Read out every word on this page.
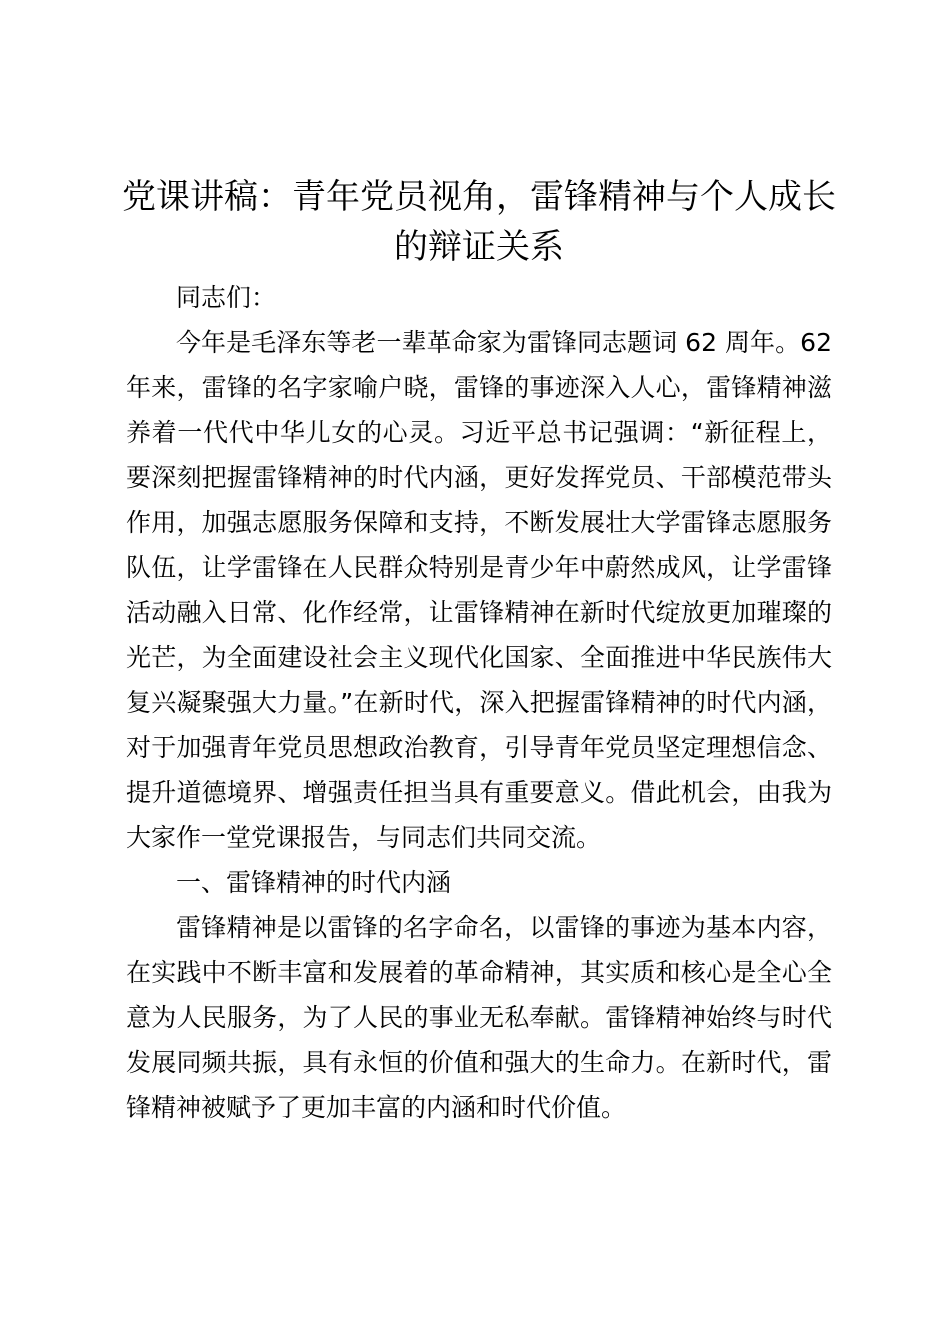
党课讲稿：青年党员视角，雷锋精神与个人成长的辩证关系

同志们：

今年是毛泽东等老一辈革命家为雷锋同志题词 62 周年。62 年来，雷锋的名字家喻户晓，雷锋的事迹深入人心，雷锋精神滋养着一代代中华儿女的心灵。习近平总书记强调：“新征程上，要深刻把握雷锋精神的时代内涵，更好发挥党员、干部模范带头作用，加强志愿服务保障和支持，不断发展壮大学雷锋志愿服务队伍，让学雷锋在人民群众特别是青少年中蔚然成风，让学雷锋活动融入日常、化作经常，让雷锋精神在新时代绽放更加璀璨的光芒，为全面建设社会主义现代化国家、全面推进中华民族伟大复兴凝聚强大力量。”在新时代，深入把握雷锋精神的时代内涵，对于加强青年党员思想政治教育，引导青年党员坚定理想信念、提升道德境界、增强责任担当具有重要意义。借此机会，由我为大家作一堂党课报告，与同志们共同交流。

一、雷锋精神的时代内涵

雷锋精神是以雷锋的名字命名，以雷锋的事迹为基本内容，在实践中不断丰富和发展着的革命精神，其实质和核心是全心全意为人民服务，为了人民的事业无私奉献。雷锋精神始终与时代发展同频共振，具有永恒的价值和强大的生命力。在新时代，雷锋精神被赋予了更加丰富的内涵和时代价值。
